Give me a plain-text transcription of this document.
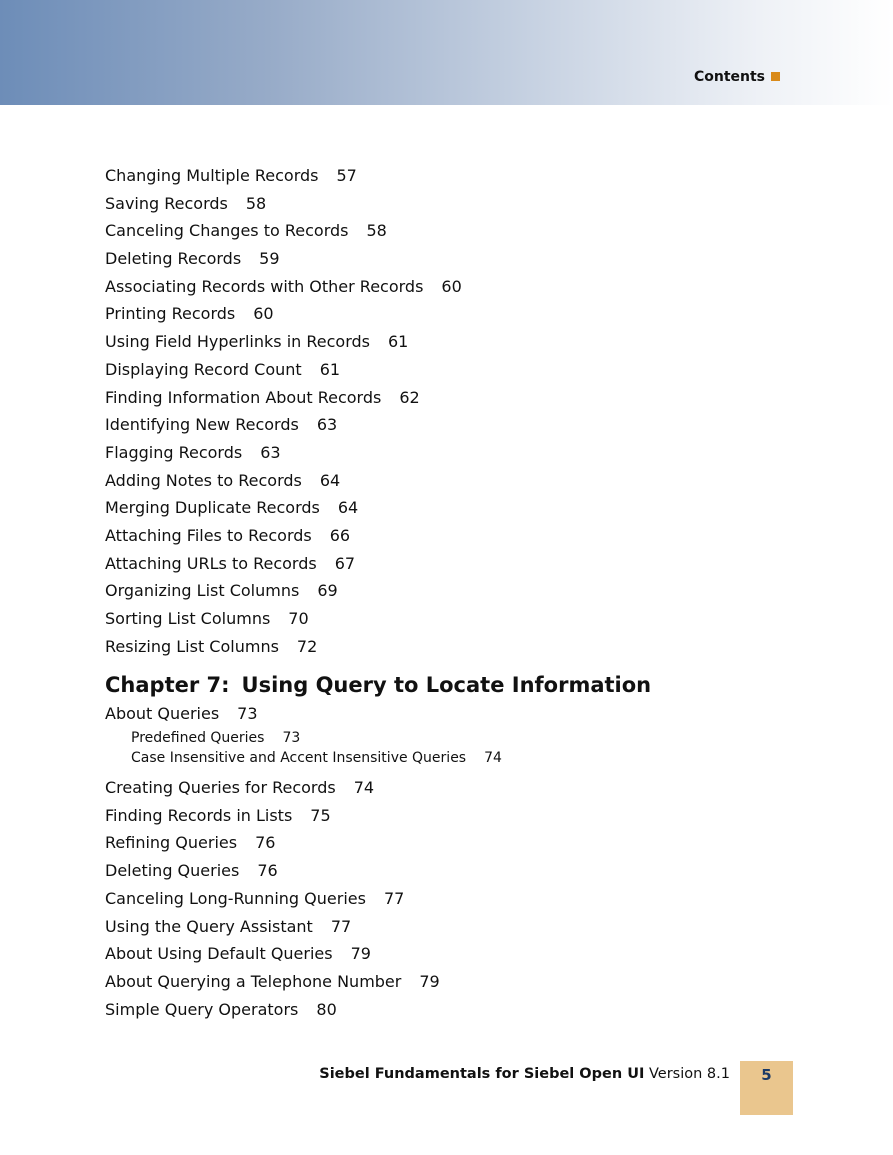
Contents
Changing Multiple Records 57
Saving Records 58
Canceling Changes to Records 58
Deleting Records 59
Associating Records with Other Records 60
Printing Records 60
Using Field Hyperlinks in Records 61
Displaying Record Count 61
Finding Information About Records 62
Identifying New Records 63
Flagging Records 63
Adding Notes to Records 64
Merging Duplicate Records 64
Attaching Files to Records 66
Attaching URLs to Records 67
Organizing List Columns 69
Sorting List Columns 70
Resizing List Columns 72
Chapter 7: Using Query to Locate Information
About Queries 73
Predefined Queries 73
Case Insensitive and Accent Insensitive Queries 74
Creating Queries for Records 74
Finding Records in Lists 75
Refining Queries 76
Deleting Queries 76
Canceling Long-Running Queries 77
Using the Query Assistant 77
About Using Default Queries 79
About Querying a Telephone Number 79
Simple Query Operators 80
Siebel Fundamentals for Siebel Open UI Version 8.1	5
